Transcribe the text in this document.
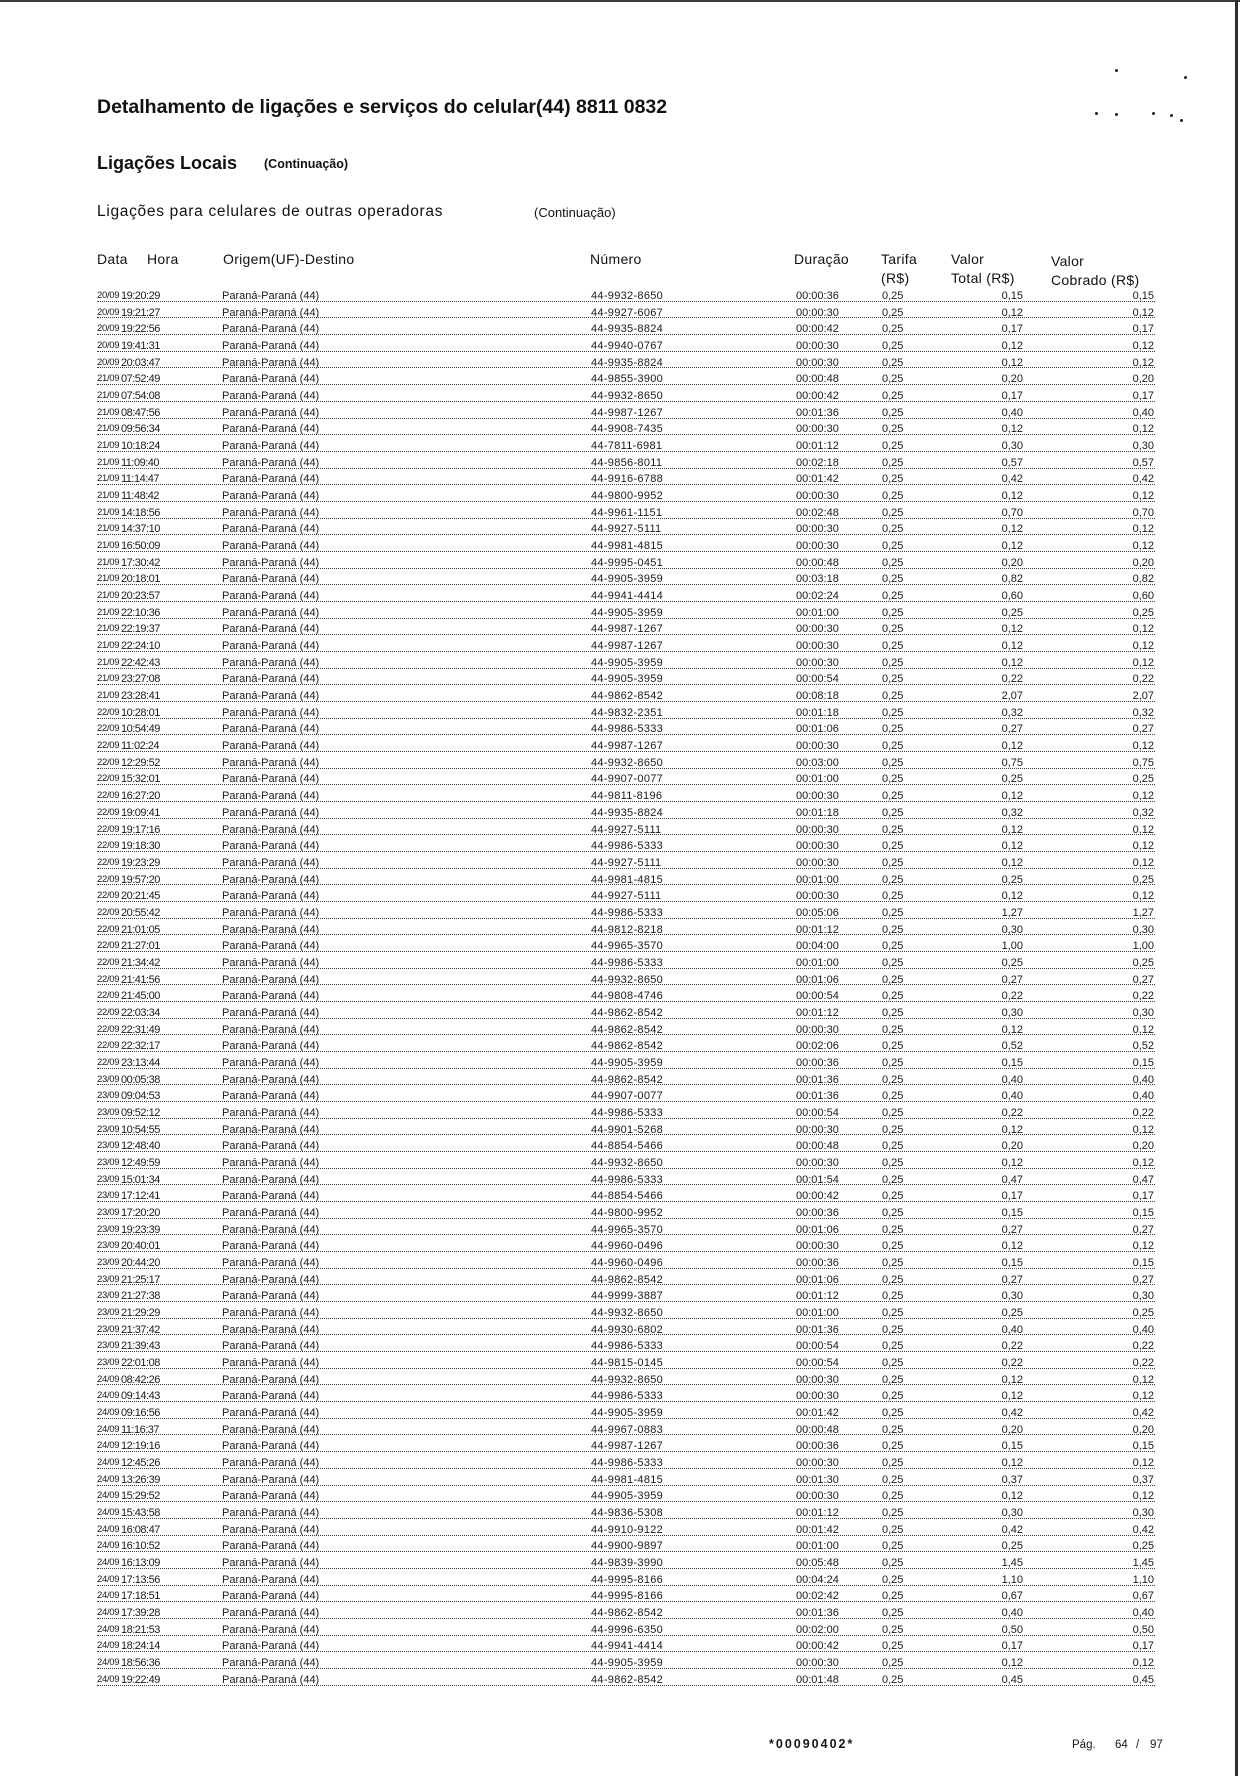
Detalhamento de ligações e serviços do celular(44) 8811 0832
Ligações Locais (Continuação)
Ligações para celulares de outras operadoras	(Continuação)
Data Hora	Origem(UF)-Destino	Número	Duração Tarifa
(R$)
Valor
Total (R$)
Valor
Cobrado (R$)
20/09 19:20:29	Paraná-Paraná (44)	44-9932-8650	00:00:36	0,25	0,15	0,15
20/09 19:21:27	Paraná-Paraná (44)	44-9927-6067	00:00:30	0,25	0,12	0,12
20/09 19:22:56	Paraná-Paraná (44)	44-9935-8824	00:00:42	0,25	0,17	0,17
20/09 19:41:31	Paraná-Paraná (44)	44-9940-0767	00:00:30	0,25	0,12	0,12
20/09 20:03:47	Paraná-Paraná (44)	44-9935-8824	00:00:30	0,25	0,12	0,12
21/09 07:52:49	Paraná-Paraná (44)	44-9855-3900	00:00:48	0,25	0,20	0,20
21/09 07:54:08	Paraná-Paraná (44)	44-9932-8650	00:00:42	0,25	0,17	0,17
21/09 08:47:56	Paraná-Paraná (44)	44-9987-1267	00:01:36	0,25	0,40	0,40
21/09 09:56:34	Paraná-Paraná (44)	44-9908-7435	00:00:30	0,25	0,12	0,12
21/09 10:18:24	Paraná-Paraná (44)	44-7811-6981	00:01:12	0,25	0,30	0,30
21/09 11:09:40	Paraná-Paraná (44)	44-9856-8011	00:02:18	0,25	0,57	0,57
21/09 11:14:47	Paraná-Paraná (44)	44-9916-6788	00:01:42	0,25	0,42	0,42
21/09 11:48:42	Paraná-Paraná (44)	44-9800-9952	00:00:30	0,25	0,12	0,12
21/09 14:18:56	Paraná-Paraná (44)	44-9961-1151	00:02:48	0,25	0,70	0,70
21/09 14:37:10	Paraná-Paraná (44)	44-9927-5111	00:00:30	0,25	0,12	0,12
21/09 16:50:09	Paraná-Paraná (44)	44-9981-4815	00:00:30	0,25	0,12	0,12
21/09 17:30:42	Paraná-Paraná (44)	44-9995-0451	00:00:48	0,25	0,20	0,20
21/09 20:18:01	Paraná-Paraná (44)	44-9905-3959	00:03:18	0,25	0,82	0,82
21/09 20:23:57	Paraná-Paraná (44)	44-9941-4414	00:02:24	0,25	0,60	0,60
21/09 22:10:36	Paraná-Paraná (44)	44-9905-3959	00:01:00	0,25	0,25	0,25
21/09 22:19:37	Paraná-Paraná (44)	44-9987-1267	00:00:30	0,25	0,12	0,12
21/09 22:24:10	Paraná-Paraná (44)	44-9987-1267	00:00:30	0,25	0,12	0,12
21/09 22:42:43	Paraná-Paraná (44)	44-9905-3959	00:00:30	0,25	0,12	0,12
21/09 23:27:08	Paraná-Paraná (44)	44-9905-3959	00:00:54	0,25	0,22	0,22
21/09 23:28:41	Paraná-Paraná (44)	44-9862-8542	00:08:18	0,25	2,07	2,07
22/09 10:28:01	Paraná-Paraná (44)	44-9832-2351	00:01:18	0,25	0,32	0,32
22/09 10:54:49	Paraná-Paraná (44)	44-9986-5333	00:01:06	0,25	0,27	0,27
22/09 11:02:24	Paraná-Paraná (44)	44-9987-1267	00:00:30	0,25	0,12	0,12
22/09 12:29:52	Paraná-Paraná (44)	44-9932-8650	00:03:00	0,25	0,75	0,75
22/09 15:32:01	Paraná-Paraná (44)	44-9907-0077	00:01:00	0,25	0,25	0,25
22/09 16:27:20	Paraná-Paraná (44)	44-9811-8196	00:00:30	0,25	0,12	0,12
22/09 19:09:41	Paraná-Paraná (44)	44-9935-8824	00:01:18	0,25	0,32	0,32
22/09 19:17:16	Paraná-Paraná (44)	44-9927-5111	00:00:30	0,25	0,12	0,12
22/09 19:18:30	Paraná-Paraná (44)	44-9986-5333	00:00:30	0,25	0,12	0,12
22/09 19:23:29	Paraná-Paraná (44)	44-9927-5111	00:00:30	0,25	0,12	0,12
22/09 19:57:20	Paraná-Paraná (44)	44-9981-4815	00:01:00	0,25	0,25	0,25
22/09 20:21:45	Paraná-Paraná (44)	44-9927-5111	00:00:30	0,25	0,12	0,12
22/09 20:55:42	Paraná-Paraná (44)	44-9986-5333	00:05:06	0,25	1,27	1,27
22/09 21:01:05	Paraná-Paraná (44)	44-9812-8218	00:01:12	0,25	0,30	0,30
22/09 21:27:01	Paraná-Paraná (44)	44-9965-3570	00:04:00	0,25	1,00	1,00
22/09 21:34:42	Paraná-Paraná (44)	44-9986-5333	00:01:00	0,25	0,25	0,25
22/09 21:41:56	Paraná-Paraná (44)	44-9932-8650	00:01:06	0,25	0,27	0,27
22/09 21:45:00	Paraná-Paraná (44)	44-9808-4746	00:00:54	0,25	0,22	0,22
22/09 22:03:34	Paraná-Paraná (44)	44-9862-8542	00:01:12	0,25	0,30	0,30
22/09 22:31:49	Paraná-Paraná (44)	44-9862-8542	00:00:30	0,25	0,12	0,12
22/09 22:32:17	Paraná-Paraná (44)	44-9862-8542	00:02:06	0,25	0,52	0,52
22/09 23:13:44	Paraná-Paraná (44)	44-9905-3959	00:00:36	0,25	0,15	0,15
23/09 00:05:38	Paraná-Paraná (44)	44-9862-8542	00:01:36	0,25	0,40	0,40
23/09 09:04:53	Paraná-Paraná (44)	44-9907-0077	00:01:36	0,25	0,40	0,40
23/09 09:52:12	Paraná-Paraná (44)	44-9986-5333	00:00:54	0,25	0,22	0,22
23/09 10:54:55	Paraná-Paraná (44)	44-9901-5268	00:00:30	0,25	0,12	0,12
23/09 12:48:40	Paraná-Paraná (44)	44-8854-5466	00:00:48	0,25	0,20	0,20
23/09 12:49:59	Paraná-Paraná (44)	44-9932-8650	00:00:30	0,25	0,12	0,12
23/09 15:01:34	Paraná-Paraná (44)	44-9986-5333	00:01:54	0,25	0,47	0,47
23/09 17:12:41	Paraná-Paraná (44)	44-8854-5466	00:00:42	0,25	0,17	0,17
23/09 17:20:20	Paraná-Paraná (44)	44-9800-9952	00:00:36	0,25	0,15	0,15
23/09 19:23:39	Paraná-Paraná (44)	44-9965-3570	00:01:06	0,25	0,27	0,27
23/09 20:40:01	Paraná-Paraná (44)	44-9960-0496	00:00:30	0,25	0,12	0,12
23/09 20:44:20	Paraná-Paraná (44)	44-9960-0496	00:00:36	0,25	0,15	0,15
23/09 21:25:17	Paraná-Paraná (44)	44-9862-8542	00:01:06	0,25	0,27	0,27
23/09 21:27:38	Paraná-Paraná (44)	44-9999-3887	00:01:12	0,25	0,30	0,30
23/09 21:29:29	Paraná-Paraná (44)	44-9932-8650	00:01:00	0,25	0,25	0,25
23/09 21:37:42	Paraná-Paraná (44)	44-9930-6802	00:01:36	0,25	0,40	0,40
23/09 21:39:43	Paraná-Paraná (44)	44-9986-5333	00:00:54	0,25	0,22	0,22
23/09 22:01:08	Paraná-Paraná (44)	44-9815-0145	00:00:54	0,25	0,22	0,22
24/09 08:42:26	Paraná-Paraná (44)	44-9932-8650	00:00:30	0,25	0,12	0,12
24/09 09:14:43	Paraná-Paraná (44)	44-9986-5333	00:00:30	0,25	0,12	0,12
24/09 09:16:56	Paraná-Paraná (44)	44-9905-3959	00:01:42	0,25	0,42	0,42
24/09 11:16:37	Paraná-Paraná (44)	44-9967-0883	00:00:48	0,25	0,20	0,20
24/09 12:19:16	Paraná-Paraná (44)	44-9987-1267	00:00:36	0,25	0,15	0,15
24/09 12:45:26	Paraná-Paraná (44)	44-9986-5333	00:00:30	0,25	0,12	0,12
24/09 13:26:39	Paraná-Paraná (44)	44-9981-4815	00:01:30	0,25	0,37	0,37
24/09 15:29:52	Paraná-Paraná (44)	44-9905-3959	00:00:30	0,25	0,12	0,12
24/09 15:43:58	Paraná-Paraná (44)	44-9836-5308	00:01:12	0,25	0,30	0,30
24/09 16:08:47	Paraná-Paraná (44)	44-9910-9122	00:01:42	0,25	0,42	0,42
24/09 16:10:52	Paraná-Paraná (44)	44-9900-9897	00:01:00	0,25	0,25	0,25
24/09 16:13:09	Paraná-Paraná (44)	44-9839-3990	00:05:48	0,25	1,45	1,45
24/09 17:13:56	Paraná-Paraná (44)	44-9995-8166	00:04:24	0,25	1,10	1,10
24/09 17:18:51	Paraná-Paraná (44)	44-9995-8166	00:02:42	0,25	0,67	0,67
24/09 17:39:28	Paraná-Paraná (44)	44-9862-8542	00:01:36	0,25	0,40	0,40
24/09 18:21:53	Paraná-Paraná (44)	44-9996-6350	00:02:00	0,25	0,50	0,50
24/09 18:24:14	Paraná-Paraná (44)	44-9941-4414	00:00:42	0,25	0,17	0,17
24/09 18:56:36	Paraná-Paraná (44)	44-9905-3959	00:00:30	0,25	0,12	0,12
24/09 19:22:49	Paraná-Paraná (44)	44-9862-8542	00:01:48	0,25	0,45	0,45
*00090402*	Pág. 64 / 97
